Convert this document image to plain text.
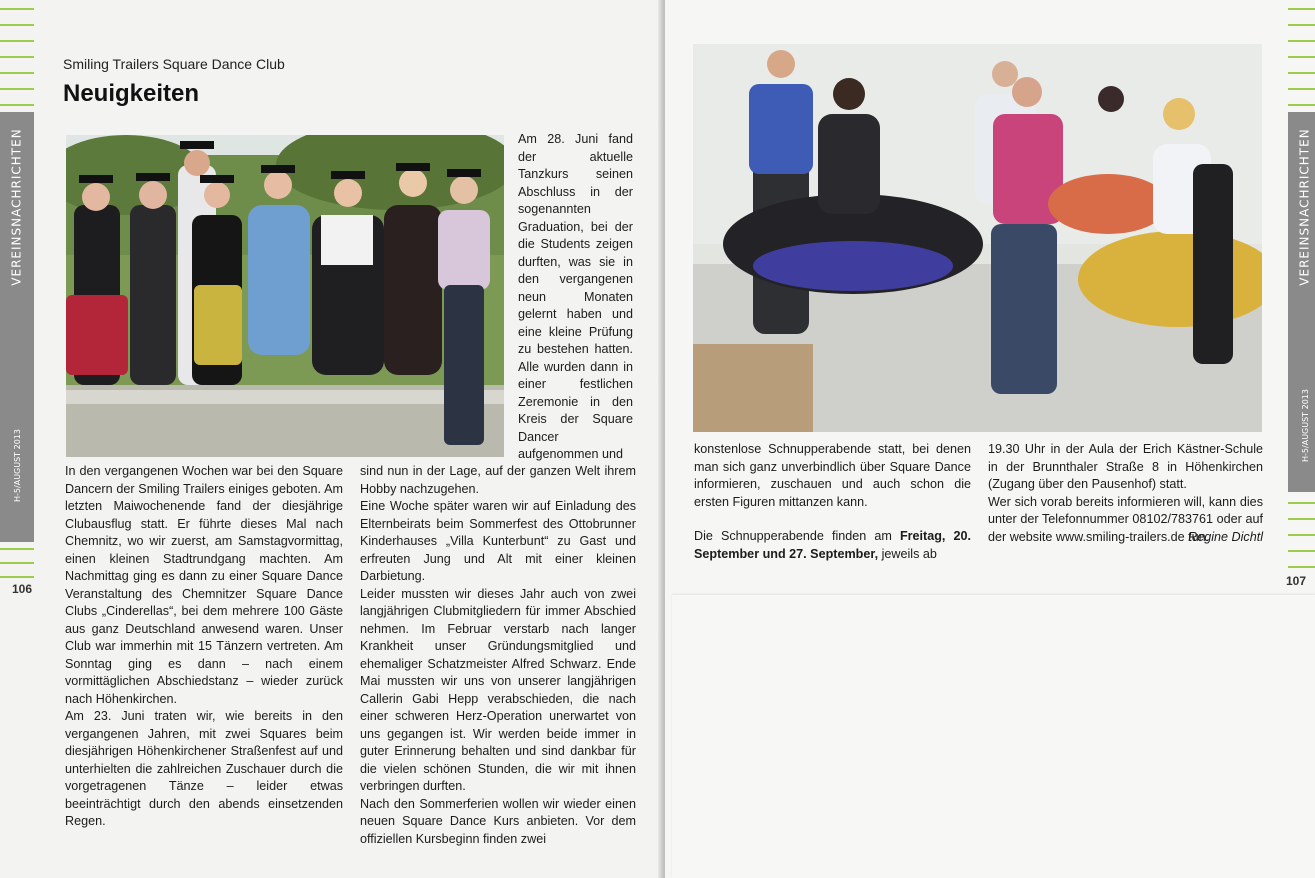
VEREINSNACHRICHTEN
H-5/AUGUST 2013
106
Smiling Trailers Square Dance Club
Neuigkeiten

Am 28. Juni fand der aktuelle Tanzkurs seinen Abschluss in der sogenannten Graduation, bei der die Students zeigen durften, was sie in den vergangenen neun Monaten gelernt haben und eine kleine Prüfung zu bestehen hatten. Alle wurden dann in einer festlichen Zeremonie in den Kreis der Square Dancer aufgenommen und

In den vergangenen Wochen war bei den Square Dancern der Smiling Trailers einiges geboten. Am letzten Maiwochenende fand der diesjährige Clubausflug statt. Er führte dieses Mal nach Chemnitz, wo wir zuerst, am Samstagvormittag, einen kleinen Stadtrundgang machten. Am Nachmittag ging es dann zu einer Square Dance Veranstaltung des Chemnitzer Square Dance Clubs „Cinderellas“, bei dem mehrere 100 Gäste aus ganz Deutschland anwesend waren. Unser Club war immerhin mit 15 Tänzern vertreten. Am Sonntag ging es dann – nach einem vormittäglichen Abschiedstanz – wieder zurück nach Höhenkirchen.

Am 23. Juni traten wir, wie bereits in den vergangenen Jahren, mit zwei Squares beim diesjährigen Höhenkirchener Straßenfest auf und unterhielten die zahlreichen Zuschauer durch die vorgetragenen Tänze – leider etwas beeinträchtigt durch den abends einsetzenden Regen.

sind nun in der Lage, auf der ganzen Welt ihrem Hobby nachzugehen.

Eine Woche später waren wir auf Einladung des Elternbeirats beim Sommerfest des Ottobrunner Kinderhauses „Villa Kunterbunt“ zu Gast und erfreuten Jung und Alt mit einer kleinen Darbietung.

Leider mussten wir dieses Jahr auch von zwei langjährigen Clubmitgliedern für immer Abschied nehmen. Im Februar verstarb nach langer Krankheit unser Gründungsmitglied und ehemaliger Schatzmeister Alfred Schwarz. Ende Mai mussten wir uns von unserer langjährigen Callerin Gabi Hepp verabschieden, die nach einer schweren Herz-Operation unerwartet von uns gegangen ist. Wir werden beide immer in guter Erinnerung behalten und sind dankbar für die vielen schönen Stunden, die wir mit ihnen verbringen durften.

Nach den Sommerferien wollen wir wieder einen neuen Square Dance Kurs anbieten. Vor dem offiziellen Kursbeginn finden zwei

konstenlose Schnupperabende statt, bei denen man sich ganz unverbindlich über Square Dance informieren, zuschauen und auch schon die ersten Figuren mittanzen kann.

Die Schnupperabende finden am Freitag, 20. September und 27. September, jeweils ab

19.30 Uhr in der Aula der Erich Kästner-Schule in der Brunnthaler Straße 8 in Höhenkirchen (Zugang über den Pausenhof) statt.

Wer sich vorab bereits informieren will, kann dies unter der Telefonnummer 08102/783761 oder auf der website www.smiling-trailers.de tun.

Regine Dichtl
VEREINSNACHRICHTEN
H-5/AUGUST 2013
107
